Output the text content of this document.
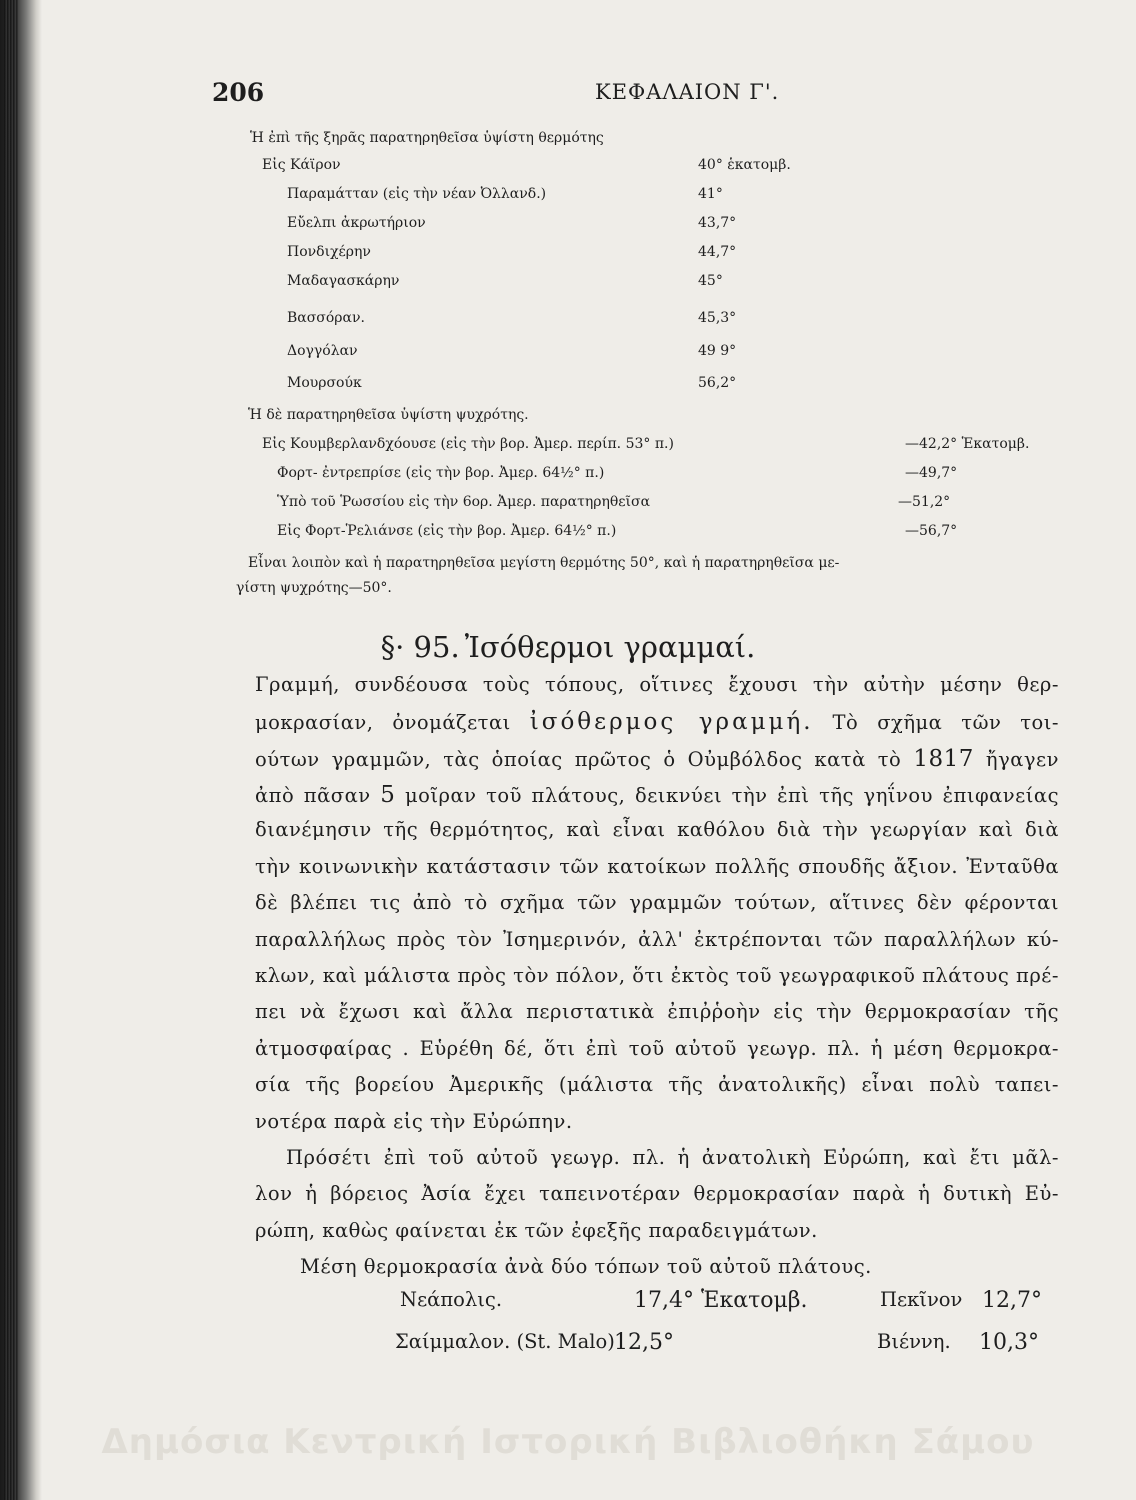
206	ΚΕΦΑΛΑΙΟΝ Γ'.
Ἡ ἐπὶ τῆς ξηρᾶς παρατηρηθεῖσα ὑψίστη θερμότης
Εἰς Κάϊρον	40° ἑκατομβ.
Παραμάτταν (εἰς τὴν νέαν Ὀλλανδ.)	41°
Εὔελπι ἀκρωτήριον	43,7°
Πονδιχέρην	44,7°
Μαδαγασκάρην	45°
Βασσόραν.	45,3°
Δογγόλαν	49 9°
Μουρσούκ	56,2°
Ἡ δὲ παρατηρηθεῖσα ὑψίστη ψυχρότης.
Εἰς Κουμβερλανδχόουσε (εἰς τὴν βορ. Ἀμερ. περίπ. 53° π.)	—42,2° Ἑκατομβ.
Φορτ- ἐντρεπρίσε (εἰς τὴν βορ. Ἀμερ. 64½° π.)	—49,7°
Ὑπὸ τοῦ Ῥωσσίου εἰς τὴν 6ορ. Ἀμερ. παρατηρηθεῖσα	—51,2°
Εἰς Φορτ-Ῥελιάνσε (εἰς τὴν βορ. Ἀμερ. 64½° π.)	—56,7°
Εἶναι λοιπὸν καὶ ἡ παρατηρηθεῖσα μεγίστη θερμότης 50°, καὶ ἡ παρατηρηθεῖσα με-
γίστη ψυχρότης—50°.
§· 95. Ἰσόθερμοι γραμμαί.
Γραμμή, συνδέουσα τοὺς τόπους, οἵτινες ἔχουσι τὴν αὐτὴν μέσην θερ-
μοκρασίαν, ὀνομάζεται ἰσόθερμος γραμμή. Τὸ σχῆμα τῶν τοι-
ούτων γραμμῶν, τὰς ὁποίας πρῶτος ὁ Οὐμβόλδος κατὰ τὸ 1817 ἤγαγεν
ἀπὸ πᾶσαν 5 μοῖραν τοῦ πλάτους, δεικνύει τὴν ἐπὶ τῆς γηΐνου ἐπιφανείας
διανέμησιν τῆς θερμότητος, καὶ εἶναι καθόλου διὰ τὴν γεωργίαν καὶ διὰ
τὴν κοινωνικὴν κατάστασιν τῶν κατοίκων πολλῆς σπουδῆς ἄξιον. Ἐνταῦθα
δὲ βλέπει τις ἀπὸ τὸ σχῆμα τῶν γραμμῶν τούτων, αἵτινες δὲν φέρονται
παραλλήλως πρὸς τὸν Ἰσημερινόν, ἀλλ' ἐκτρέπονται τῶν παραλλήλων κύ-
κλων, καὶ μάλιστα πρὸς τὸν πόλον, ὅτι ἐκτὸς τοῦ γεωγραφικοῦ πλάτους πρέ-
πει νὰ ἔχωσι καὶ ἄλλα περιστατικὰ ἐπιῤῥοὴν εἰς τὴν θερμοκρασίαν τῆς
ἀτμοσφαίρας . Εὑρέθη δέ, ὅτι ἐπὶ τοῦ αὐτοῦ γεωγρ. πλ. ἡ μέση θερμοκρα-
σία τῆς βορείου Ἀμερικῆς (μάλιστα τῆς ἀνατολικῆς) εἶναι πολὺ ταπει-
νοτέρα παρὰ εἰς τὴν Εὐρώπην.
Πρόσέτι ἐπὶ τοῦ αὐτοῦ γεωγρ. πλ. ἡ ἀνατολικὴ Εὐρώπη, καὶ ἔτι μᾶλ-
λον ἡ βόρειος Ἀσία ἔχει ταπεινοτέραν θερμοκρασίαν παρὰ ἡ δυτικὴ Εὐ-
ρώπη, καθὼς φαίνεται ἐκ τῶν ἐφεξῆς παραδειγμάτων.
Μέση θερμοκρασία ἀνὰ δύο τόπων τοῦ αὐτοῦ πλάτους.
Νεάπολις.	17,4° Ἑκατομβ.	Πεκῖνον 12,7°
Σαίμμαλον. (St. Malo) 12,5°	Βιέννη. 10,3°
Δημόσια Κεντρική Ιστορική Βιβλιοθήκη Σάμου
